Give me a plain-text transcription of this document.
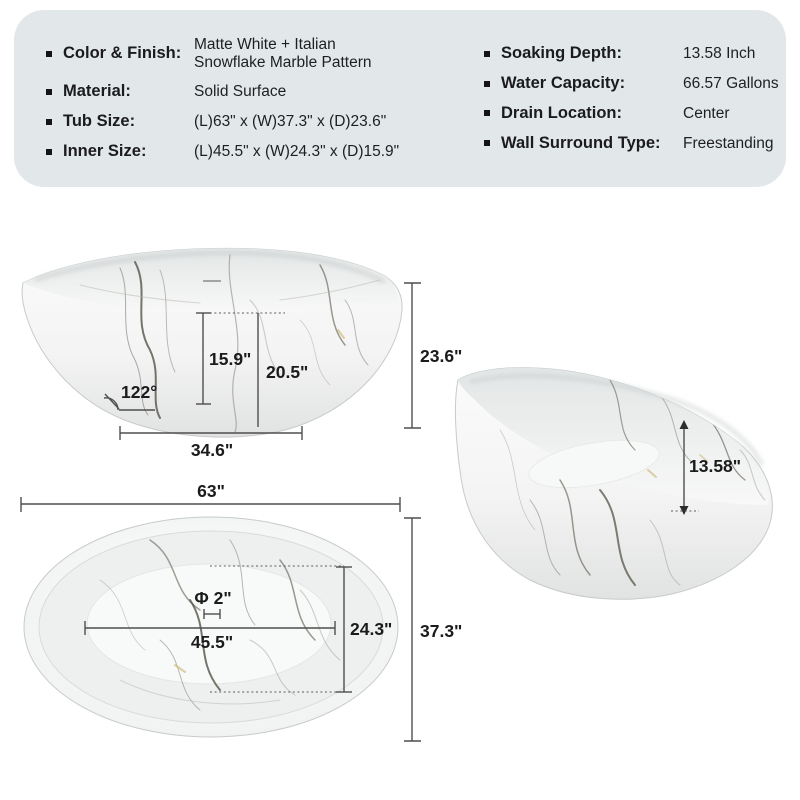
Color & Finish: Matte White + Italian Snowflake Marble Pattern
Material:	Solid Surface
Tub Size:	(L)63" x (W)37.3" x (D)23.6"
Inner Size:	(L)45.5" x (W)24.3" x (D)15.9"
Soaking Depth:	13.58 Inch
Water Capacity:	66.57 Gallons
Drain Location:	Center
Wall Surround Type:	Freestanding
15.9"
20.5"
23.6"
122°
34.6"
63"
37.3"
24.3"
45.5"
Φ 2"
13.58"
